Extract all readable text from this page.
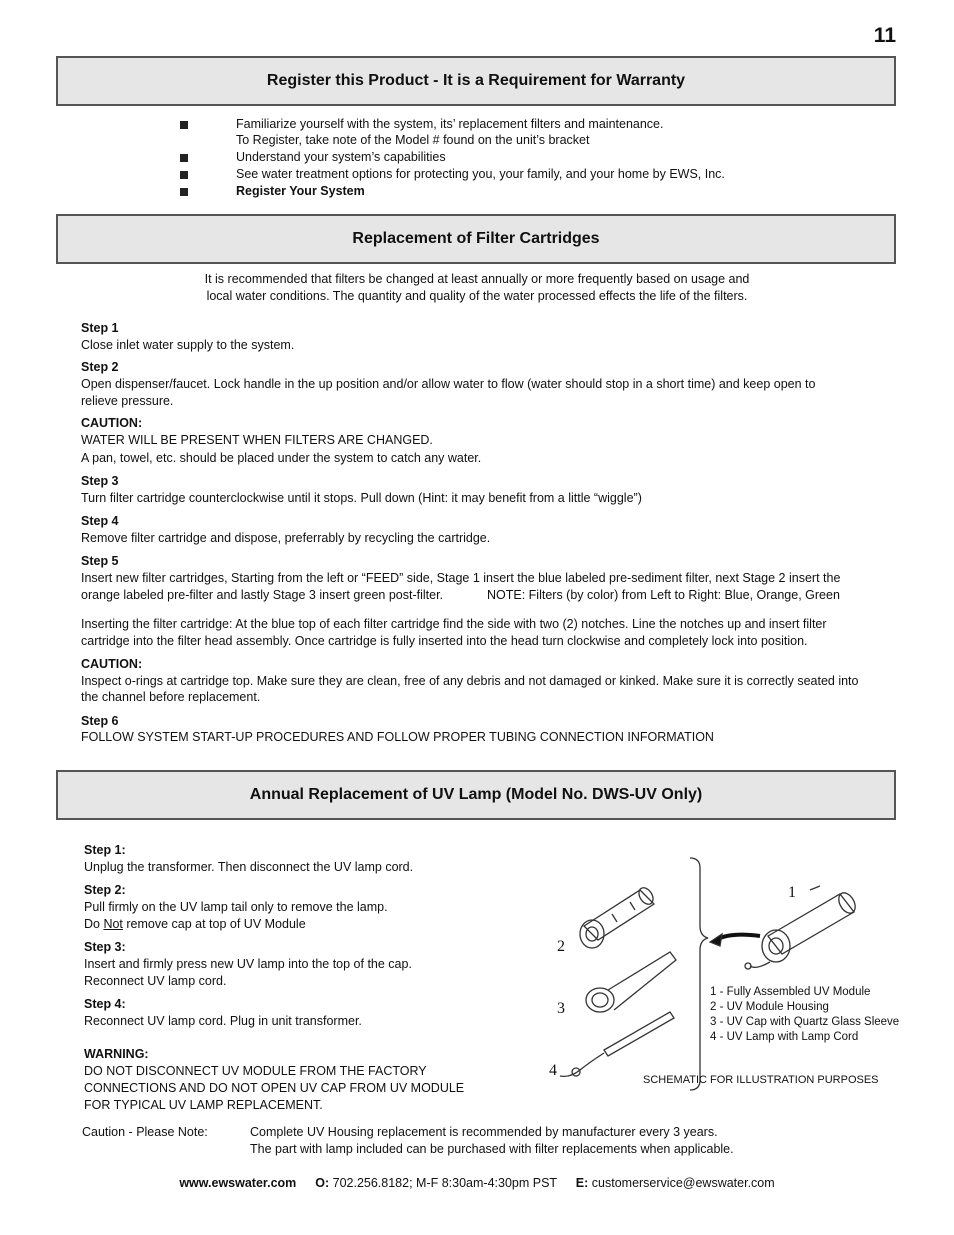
11
Register this Product - It is a Requirement for Warranty
Familiarize yourself with the system, its’ replacement filters and maintenance.
To Register, take note of the Model # found on the unit’s bracket
Understand your system’s capabilities
See water treatment options for protecting you, your family, and your home by EWS, Inc.
Register Your System
Replacement of Filter Cartridges
It is recommended that filters be changed at least annually or more frequently based on usage and
local water conditions. The quantity and quality of the water processed effects the life of the filters.
Step 1
Close inlet water supply to the system.
Step 2
Open dispenser/faucet. Lock handle in the up position and/or allow water to flow (water should stop in a short time) and keep open to
relieve pressure.
CAUTION:
WATER WILL BE PRESENT WHEN FILTERS ARE CHANGED.
A pan, towel, etc. should be placed under the system to catch any water.
Step 3
Turn filter cartridge counterclockwise until it stops. Pull down (Hint: it may benefit from a little “wiggle”)
Step 4
Remove filter cartridge and dispose, preferrably by recycling the cartridge.
Step 5
Insert new filter cartridges, Starting from the left or “FEED” side, Stage 1 insert the blue labeled pre-sediment filter, next Stage 2 insert the
orange labeled pre-filter and lastly Stage 3 insert green post-filter.	NOTE: Filters (by color) from Left to Right: Blue, Orange, Green
Inserting the filter cartridge: At the blue top of each filter cartridge find the side with two (2) notches. Line the notches up and insert filter
cartridge into the filter head assembly. Once cartridge is fully inserted into the head turn clockwise and completely lock into position.
CAUTION:
Inspect o-rings at cartridge top. Make sure they are clean, free of any debris and not damaged or kinked. Make sure it is correctly seated into
the channel before replacement.
Step 6
FOLLOW SYSTEM START-UP PROCEDURES AND FOLLOW PROPER TUBING CONNECTION INFORMATION
Annual Replacement of UV Lamp (Model No. DWS-UV Only)
Step 1:
Unplug the transformer. Then disconnect the UV lamp cord.
Step 2:
Pull firmly on the UV lamp tail only to remove the lamp.
Do Not remove cap at top of UV Module
Step 3:
Insert and firmly press new UV lamp into the top of the cap.
Reconnect UV lamp cord.
Step 4:
Reconnect UV lamp cord. Plug in unit transformer.
WARNING:
DO NOT DISCONNECT UV MODULE FROM THE FACTORY
CONNECTIONS AND DO NOT OPEN UV CAP FROM UV MODULE
FOR TYPICAL UV LAMP REPLACEMENT.
1
2
3
4
1 - Fully Assembled UV Module
2 - UV Module Housing
3 - UV Cap with Quartz Glass Sleeve
4 - UV Lamp with Lamp Cord
SCHEMATIC FOR ILLUSTRATION PURPOSES
Caution - Please Note:	Complete UV Housing replacement is recommended by manufacturer every 3 years.
The part with lamp included can be purchased with filter replacements when applicable.
www.ewswater.com O: 702.256.8182; M-F 8:30am-4:30pm PST E: customerservice@ewswater.com
